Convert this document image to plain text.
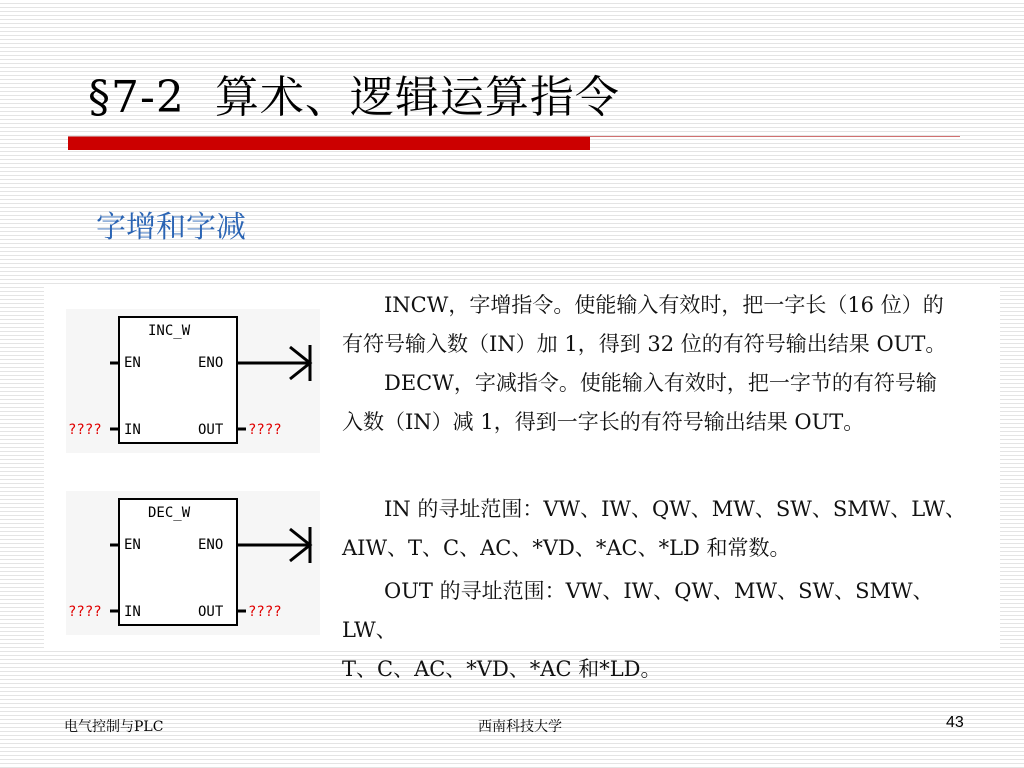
§7-2  算术、逻辑运算指令
字增和字减
INC_W
EN	ENO
???? IN	OUT ????
DEC_W
EN	ENO
???? IN	OUT ????

INCW，字增指令。使能输入有效时，把一字长（16 位）的
有符号输入数（IN）加 1，得到 32 位的有符号输出结果 OUT。

DECW，字减指令。使能输入有效时，把一字节的有符号输
入数（IN）减 1，得到一字长的有符号输出结果 OUT。

IN 的寻址范围：VW、IW、QW、MW、SW、SMW、LW、
AIW、T、C、AC、*VD、*AC、*LD 和常数。

OUT 的寻址范围：VW、IW、QW、MW、SW、SMW、LW、
T、C、AC、*VD、*AC 和*LD。

电气控制与PLC	西南科技大学	43
